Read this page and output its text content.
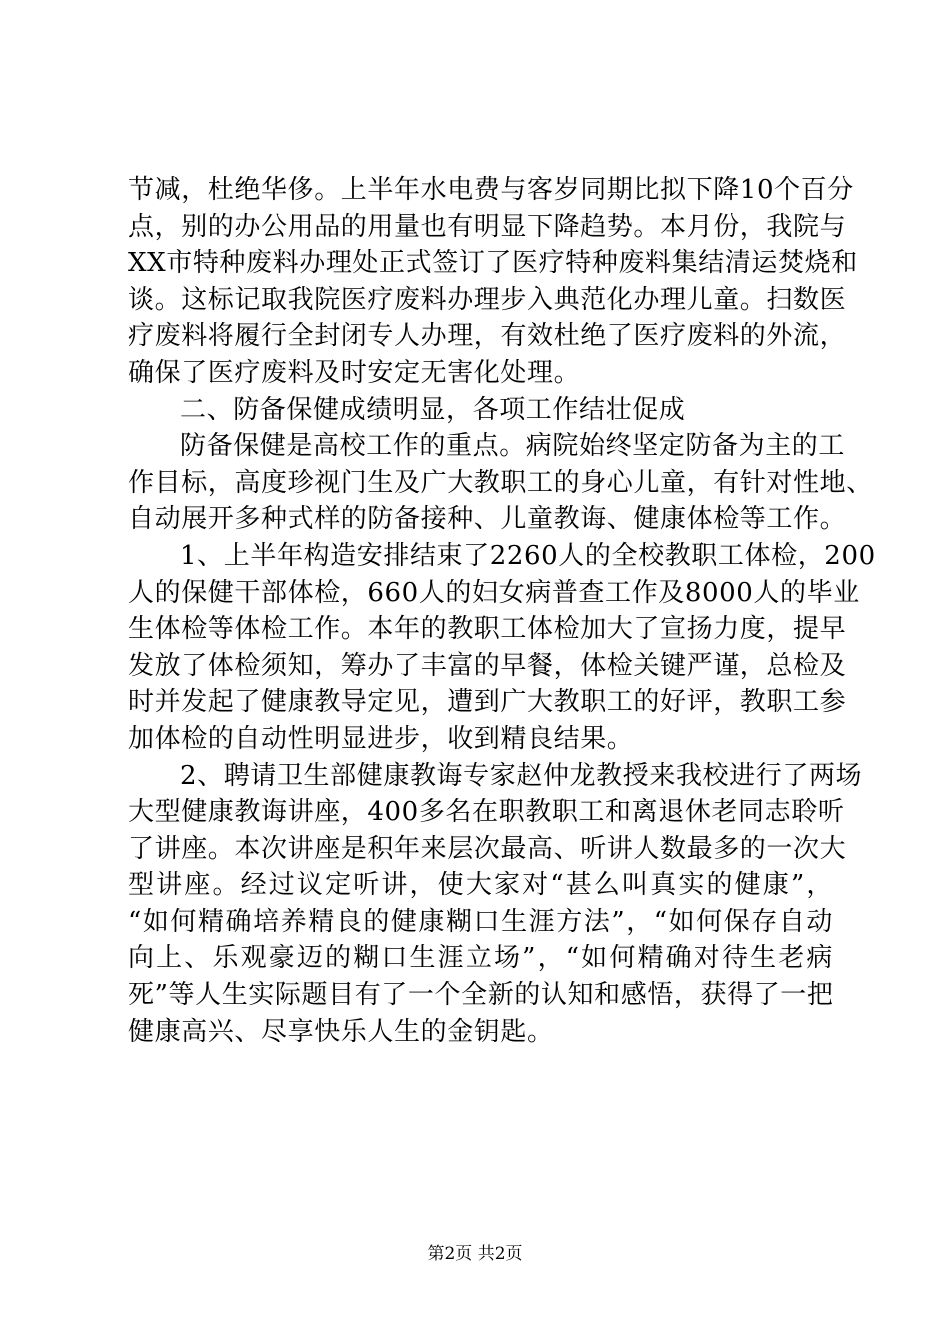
节减，杜绝华侈。上半年水电费与客岁同期比拟下降10个百分
点，别的办公用品的用量也有明显下降趋势。本月份，我院与
XX市特种废料办理处正式签订了医疗特种废料集结清运焚烧和
谈。这标记取我院医疗废料办理步入典范化办理儿童。扫数医
疗废料将履行全封闭专人办理，有效杜绝了医疗废料的外流，
确保了医疗废料及时安定无害化处理。
二、防备保健成绩明显，各项工作结壮促成
防备保健是高校工作的重点。病院始终坚定防备为主的工
作目标，高度珍视门生及广大教职工的身心儿童，有针对性地、
自动展开多种式样的防备接种、儿童教诲、健康体检等工作。
1、上半年构造安排结束了2260人的全校教职工体检，200
人的保健干部体检，660人的妇女病普查工作及8000人的毕业
生体检等体检工作。本年的教职工体检加大了宣扬力度，提早
发放了体检须知，筹办了丰富的早餐，体检关键严谨，总检及
时并发起了健康教导定见，遭到广大教职工的好评，教职工参
加体检的自动性明显进步，收到精良结果。
2、聘请卫生部健康教诲专家赵仲龙教授来我校进行了两场
大型健康教诲讲座，400多名在职教职工和离退休老同志聆听
了讲座。本次讲座是积年来层次最高、听讲人数最多的一次大
型讲座。经过议定听讲，使大家对“甚么叫真实的健康”，
“如何精确培养精良的健康糊口生涯方法”，“如何保存自动
向上、乐观豪迈的糊口生涯立场”，“如何精确对待生老病
死”等人生实际题目有了一个全新的认知和感悟，获得了一把
健康高兴、尽享快乐人生的金钥匙。
第2页 共2页
